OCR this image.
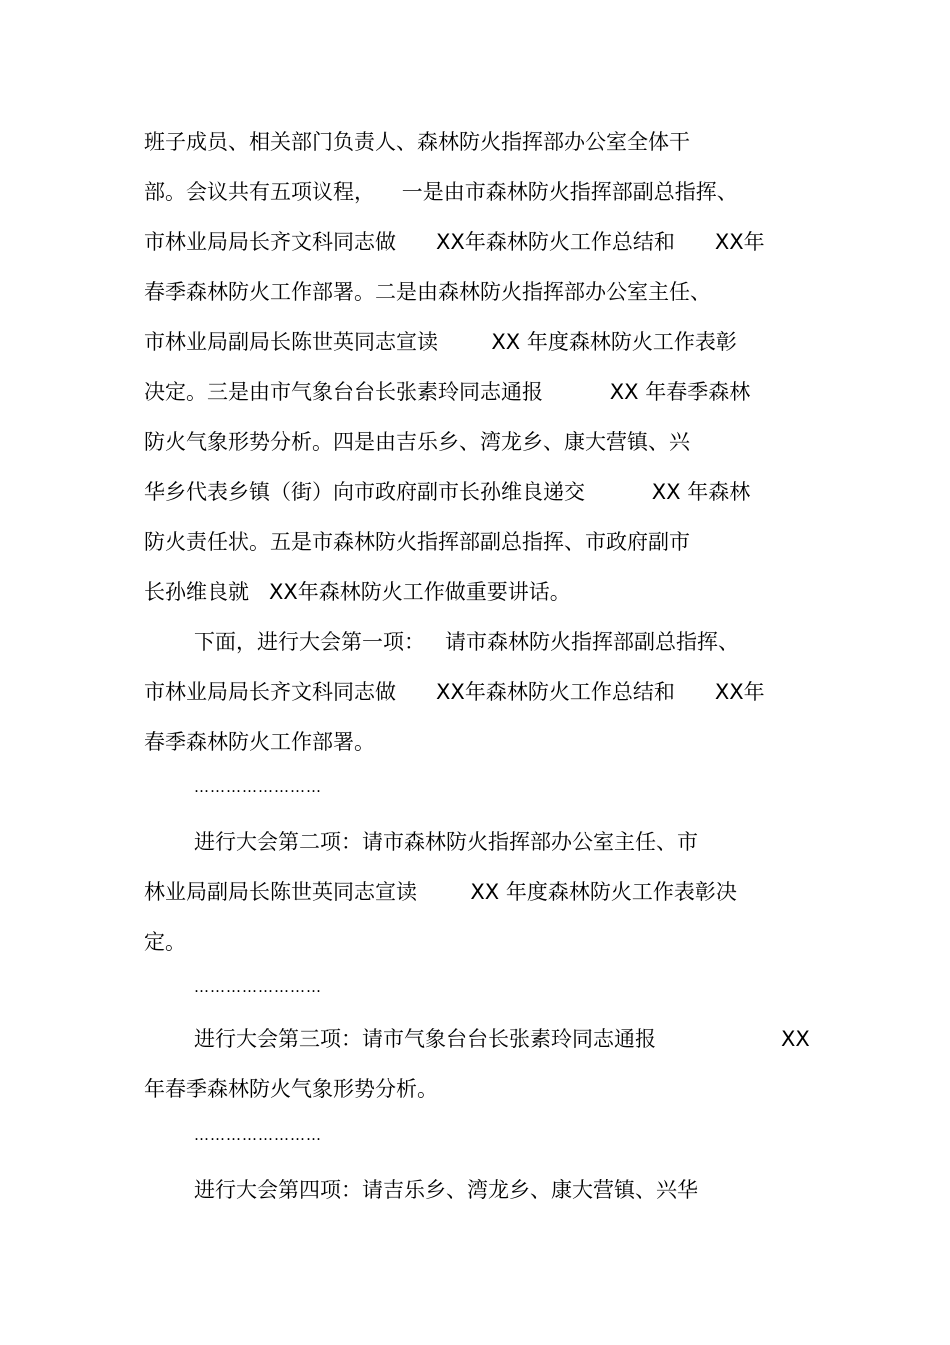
班子成员、相关部门负责人、森林防火指挥部办公室全体干
部。会议共有五项议程，    一是由市森林防火指挥部副总指挥、
市林业局局长齐文科同志做      XX年森林防火工作总结和      XX年
春季森林防火工作部署。二是由森林防火指挥部办公室主任、
市林业局副局长陈世英同志宣读        XX 年度森林防火工作表彰
决定。三是由市气象台台长张素玲同志通报          XX 年春季森林
防火气象形势分析。四是由吉乐乡、湾龙乡、康大营镇、兴
华乡代表乡镇（街）向市政府副市长孙维良递交          XX 年森林
防火责任状。五是市森林防火指挥部副总指挥、市政府副市
长孙维良就   XX年森林防火工作做重要讲话。
下面，进行大会第一项：   请市森林防火指挥部副总指挥、
市林业局局长齐文科同志做      XX年森林防火工作总结和      XX年
春季森林防火工作部署。
……………………
进行大会第二项：请市森林防火指挥部办公室主任、市
林业局副局长陈世英同志宣读        XX 年度森林防火工作表彰决
定。
……………………
进行大会第三项：请市气象台台长张素玲同志通报	XX
年春季森林防火气象形势分析。
……………………
进行大会第四项：请吉乐乡、湾龙乡、康大营镇、兴华
